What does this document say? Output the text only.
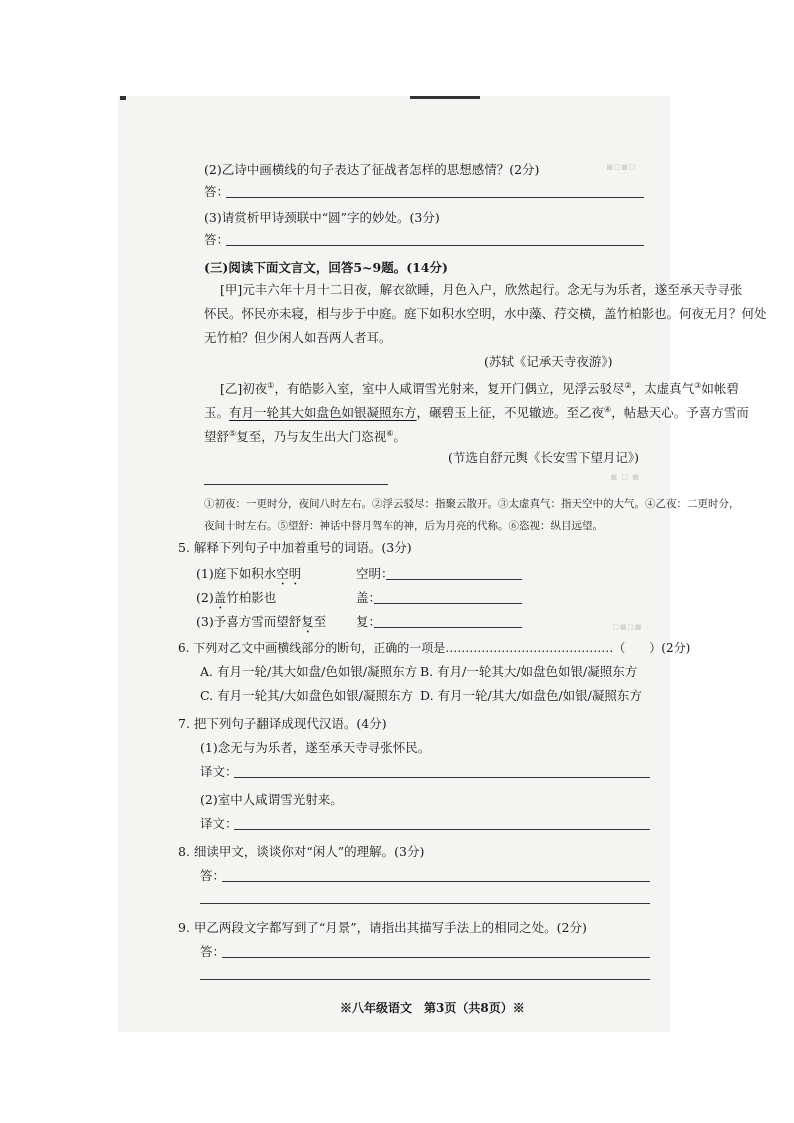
▪▫▪▫
▪ ▫ ▪
▫▪▫▪
(2)乙诗中画横线的句子表达了征战者怎样的思想感情？(2分)
答：
(3)请赏析甲诗颈联中“圆”字的妙处。(3分)
答：
(三)阅读下面文言文，回答5~9题。(14分)
[甲]元丰六年十月十二日夜，解衣欲睡，月色入户，欣然起行。念无与为乐者，遂至承天寺寻张
怀民。怀民亦未寝，相与步于中庭。庭下如积水空明，水中藻、荇交横，盖竹柏影也。何夜无月？何处
无竹柏？但少闲人如吾两人者耳。
(苏轼《记承天寺夜游》)
[乙]初夜①，有皓影入室，室中人咸谓雪光射来，复开门偶立，见浮云驳尽②，太虚真气③如帐碧
玉。有月一轮其大如盘色如银凝照东方，碾碧玉上征，不见辙迹。至乙夜④，帖悬天心。予喜方雪而
望舒⑤复至，乃与友生出大门恣视⑥。
(节选自舒元舆《长安雪下望月记》)
①初夜：一更时分，夜间八时左右。②浮云驳尽：指聚云散开。③太虚真气：指天空中的大气。④乙夜：二更时分，
夜间十时左右。⑤望舒：神话中替月驾车的神，后为月亮的代称。⑥恣视：纵目远望。
5. 解释下列句子中加着重号的词语。(3分)
(1)庭下如积水空明	空明：
(2)盖竹柏影也	盖：
(3)予喜方雪而望舒复至 复：
6. 下列对乙文中画横线部分的断句，正确的一项是……………………………………（　　）(2分)
A. 有月一轮/其大如盘/色如银/凝照东方 B. 有月/一轮其大/如盘色如银/凝照东方
C. 有月一轮其/大如盘色如银/凝照东方 D. 有月一轮/其大/如盘色/如银/凝照东方
7. 把下列句子翻译成现代汉语。(4分)
(1)念无与为乐者，遂至承天寺寻张怀民。
译文：
(2)室中人咸谓雪光射来。
译文：
8. 细读甲文，谈谈你对“闲人”的理解。(3分)
答：
9. 甲乙两段文字都写到了“月景”，请指出其描写手法上的相同之处。(2分)
答：
※八年级语文　第3页（共8页）※
